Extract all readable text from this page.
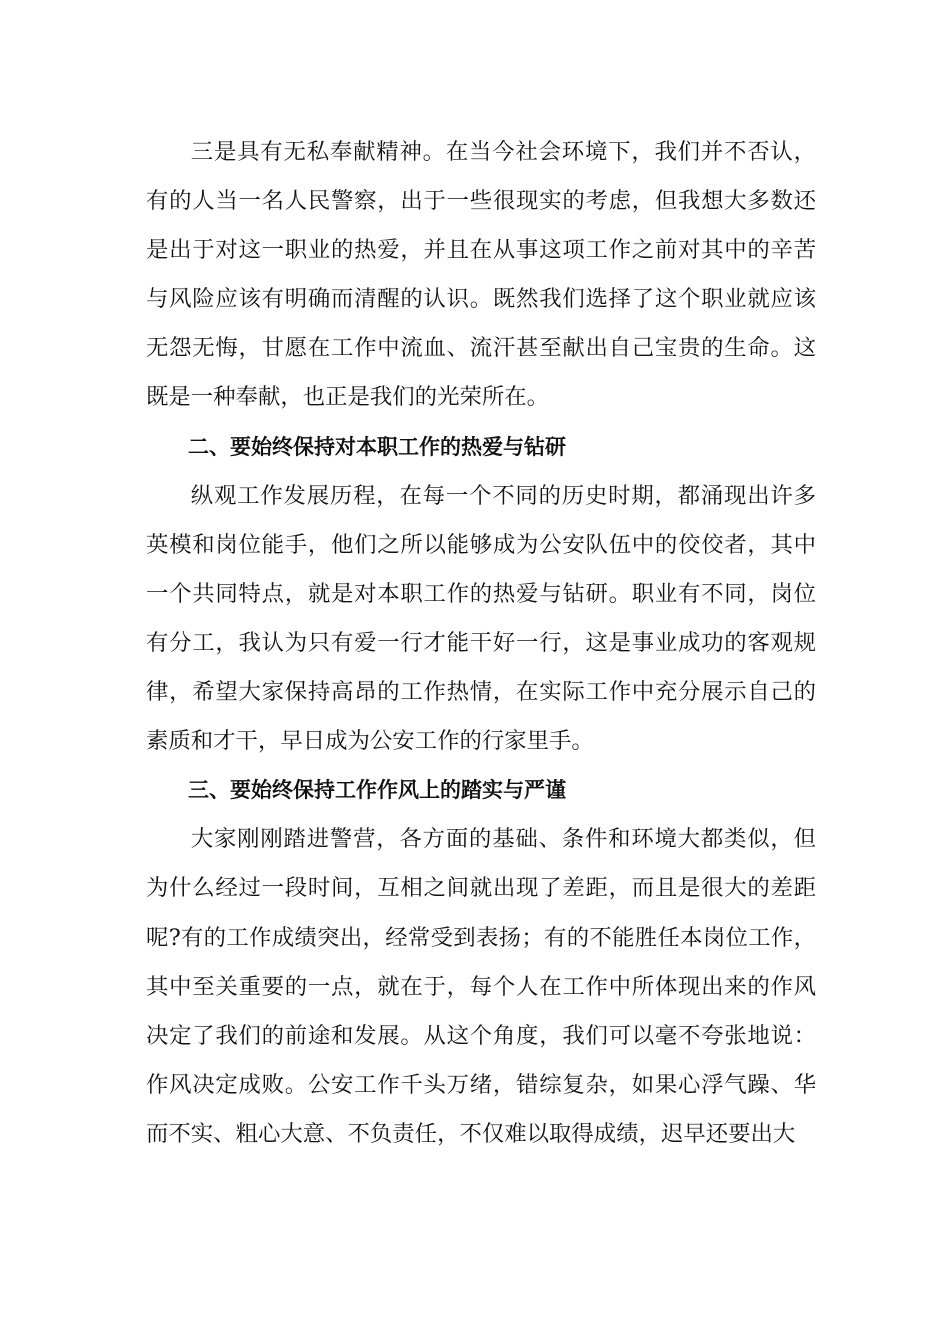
三是具有无私奉献精神。在当今社会环境下，我们并不否认，有的人当一名人民警察，出于一些很现实的考虑，但我想大多数还是出于对这一职业的热爱，并且在从事这项工作之前对其中的辛苦与风险应该有明确而清醒的认识。既然我们选择了这个职业就应该无怨无悔，甘愿在工作中流血、流汗甚至献出自己宝贵的生命。这既是一种奉献，也正是我们的光荣所在。

二、要始终保持对本职工作的热爱与钻研

纵观工作发展历程，在每一个不同的历史时期，都涌现出许多英模和岗位能手，他们之所以能够成为公安队伍中的佼佼者，其中一个共同特点，就是对本职工作的热爱与钻研。职业有不同，岗位有分工，我认为只有爱一行才能干好一行，这是事业成功的客观规律，希望大家保持高昂的工作热情，在实际工作中充分展示自己的素质和才干，早日成为公安工作的行家里手。

三、要始终保持工作作风上的踏实与严谨

大家刚刚踏进警营，各方面的基础、条件和环境大都类似，但为什么经过一段时间，互相之间就出现了差距，而且是很大的差距呢?有的工作成绩突出，经常受到表扬；有的不能胜任本岗位工作，其中至关重要的一点，就在于，每个人在工作中所体现出来的作风决定了我们的前途和发展。从这个角度，我们可以毫不夸张地说：作风决定成败。公安工作千头万绪，错综复杂，如果心浮气躁、华而不实、粗心大意、不负责任，不仅难以取得成绩，迟早还要出大
